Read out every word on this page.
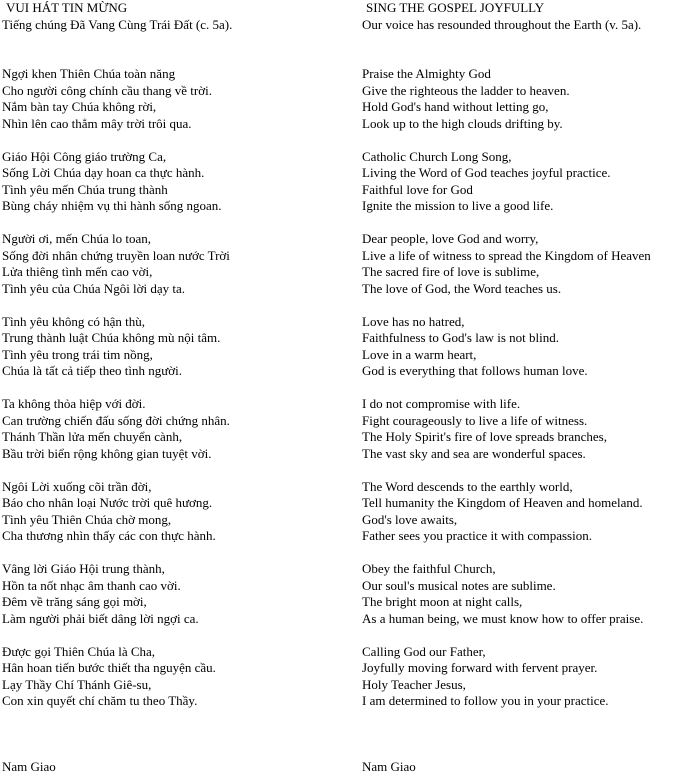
VUI HÁT TIN MỪNG
Tiếng chúng Đã Vang Cùng Trái Đất (c. 5a).
Ngợi khen Thiên Chúa toàn năng
Cho người công chính cầu thang về trời.
Nắm bàn tay Chúa không rời,
Nhìn lên cao thẳm mây trời trôi qua.
Giáo Hội Công giáo trường Ca,
Sống Lời Chúa dạy hoan ca thực hành.
Tình yêu mến Chúa trung thành
Bùng cháy nhiệm vụ thi hành sống ngoan.
Người ơi, mến Chúa lo toan,
Sống đời nhân chứng truyền loan nước Trời
Lửa thiêng tình mến cao vời,
Tình yêu của Chúa Ngôi lời dạy ta.
Tình yêu không có hận thù,
Trung thành luật Chúa không mù nội tâm.
Tình yêu trong trái tim nồng,
Chúa là tất cả tiếp theo tình người.
Ta không thỏa hiệp với đời.
Can trường chiến đấu sống đời chứng nhân.
Thánh Thần lửa mến chuyển cành,
Bầu trời biển rộng không gian tuyệt vời.
Ngôi Lời xuống cõi trần đời,
Báo cho nhân loại Nước trời quê hương.
Tình yêu Thiên Chúa chờ mong,
Cha thương nhìn thấy các con thực hành.
Vâng lời Giáo Hội trung thành,
Hồn ta nốt nhạc âm thanh cao vời.
Đêm về trăng sáng gọi mời,
Làm người phải biết dâng lời ngợi ca.
Được gọi Thiên Chúa là Cha,
Hân hoan tiến bước thiết tha nguyện cầu.
Lạy Thầy Chí Thánh Giê-su,
Con xin quyết chí chăm tu theo Thầy.
Nam Giao
SING THE GOSPEL JOYFULLY
Our voice has resounded throughout the Earth (v. 5a).
Praise the Almighty God
Give the righteous the ladder to heaven.
Hold God's hand without letting go,
Look up to the high clouds drifting by.
Catholic Church Long Song,
Living the Word of God teaches joyful practice.
Faithful love for God
Ignite the mission to live a good life.
Dear people, love God and worry,
Live a life of witness to spread the Kingdom of Heaven
The sacred fire of love is sublime,
The love of God, the Word teaches us.
Love has no hatred,
Faithfulness to God's law is not blind.
Love in a warm heart,
God is everything that follows human love.
I do not compromise with life.
Fight courageously to live a life of witness.
The Holy Spirit's fire of love spreads branches,
The vast sky and sea are wonderful spaces.
The Word descends to the earthly world,
Tell humanity the Kingdom of Heaven and homeland.
God's love awaits,
Father sees you practice it with compassion.
Obey the faithful Church,
Our soul's musical notes are sublime.
The bright moon at night calls,
As a human being, we must know how to offer praise.
Calling God our Father,
Joyfully moving forward with fervent prayer.
Holy Teacher Jesus,
I am determined to follow you in your practice.
Nam Giao
